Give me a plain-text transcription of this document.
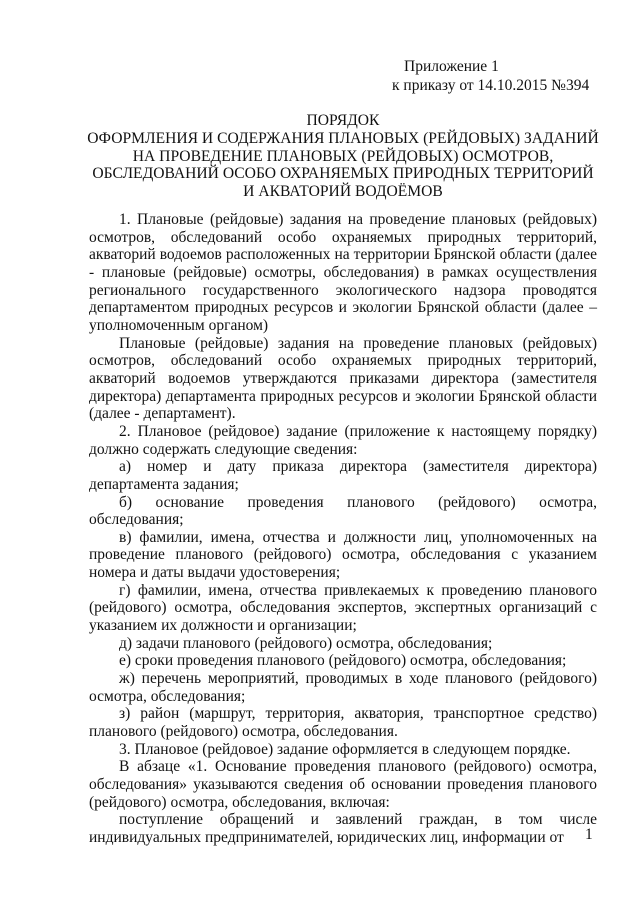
Приложение 1
к приказу от 14.10.2015 №394
ПОРЯДОК
ОФОРМЛЕНИЯ И СОДЕРЖАНИЯ ПЛАНОВЫХ (РЕЙДОВЫХ) ЗАДАНИЙ
НА ПРОВЕДЕНИЕ ПЛАНОВЫХ (РЕЙДОВЫХ) ОСМОТРОВ,
ОБСЛЕДОВАНИЙ ОСОБО ОХРАНЯЕМЫХ ПРИРОДНЫХ ТЕРРИТОРИЙ
И АКВАТОРИЙ ВОДОЁМОВ

1. Плановые (рейдовые) задания на проведение плановых (рейдовых) осмотров, обследований особо охраняемых природных территорий, акваторий водоемов расположенных на территории Брянской области (далее - плановые (рейдовые) осмотры, обследования) в рамках осуществления регионального государственного экологического надзора проводятся департаментом природных ресурсов и экологии Брянской области (далее – уполномоченным органом)

Плановые (рейдовые) задания на проведение плановых (рейдовых) осмотров, обследований особо охраняемых природных территорий, акваторий водоемов утверждаются приказами директора (заместителя директора) департамента природных ресурсов и экологии Брянской области (далее - департамент).

2. Плановое (рейдовое) задание (приложение к настоящему порядку) должно содержать следующие сведения:

а) номер и дату приказа директора (заместителя директора) департамента задания;

б) основание проведения планового (рейдового) осмотра, обследования;

в) фамилии, имена, отчества и должности лиц, уполномоченных на проведение планового (рейдового) осмотра, обследования с указанием номера и даты выдачи удостоверения;

г) фамилии, имена, отчества привлекаемых к проведению планового (рейдового) осмотра, обследования экспертов, экспертных организаций с указанием их должности и организации;

д) задачи планового (рейдового) осмотра, обследования;

е) сроки проведения планового (рейдового) осмотра, обследования;

ж) перечень мероприятий, проводимых в ходе планового (рейдового) осмотра, обследования;

з) район (маршрут, территория, акватория, транспортное средство) планового (рейдового) осмотра, обследования.

3. Плановое (рейдовое) задание оформляется в следующем порядке.

В абзаце «1. Основание проведения планового (рейдового) осмотра, обследования» указываются сведения об основании проведения планового (рейдового) осмотра, обследования, включая:

поступление обращений и заявлений граждан, в том числе индивидуальных предпринимателей, юридических лиц, информации от	1
